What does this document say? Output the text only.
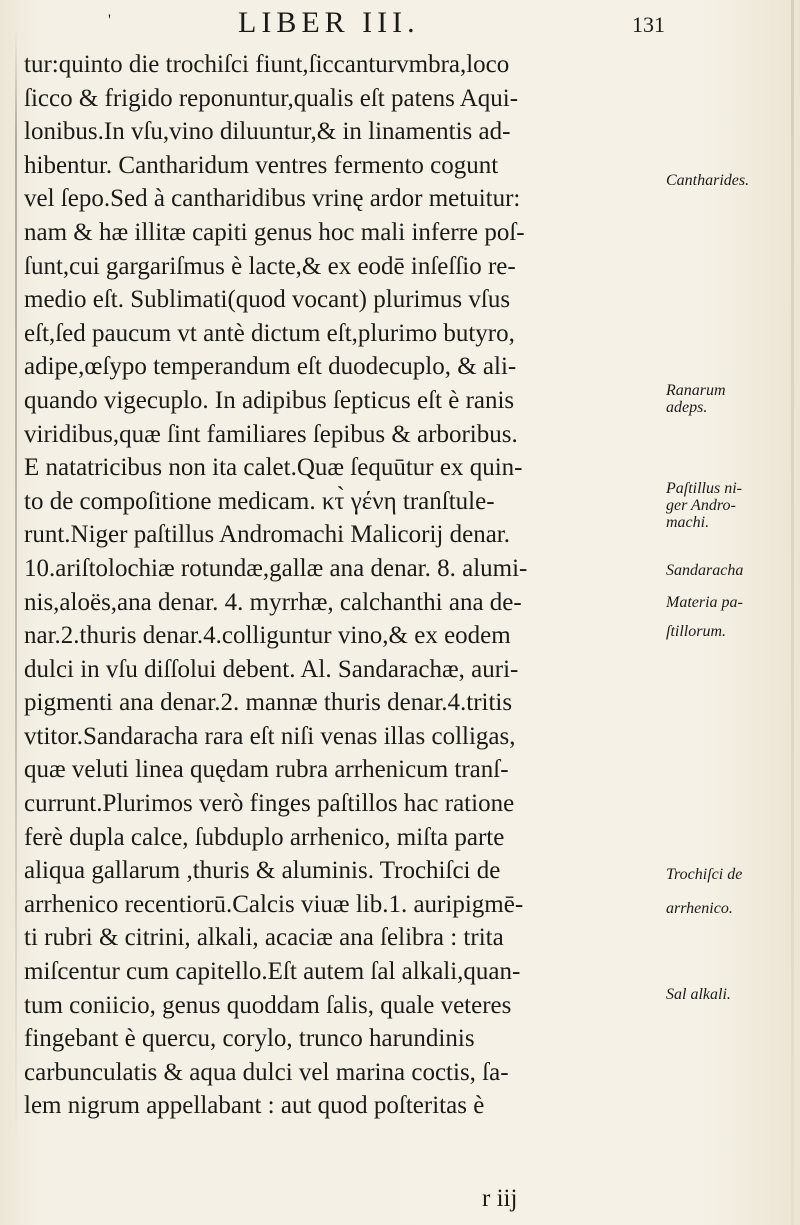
'	LIBER III.	131
tur:quinto die trochiſci fiunt,ſiccanturvmbra,loco
ſicco & frigido reponuntur,qualis eſt patens Aqui-
lonibus.In vſu,vino diluuntur,& in linamentis ad-
hibentur. Cantharidum ventres fermento cogunt
vel ſepo.Sed à cantharidibus vrinę ardor metuitur:
nam & hæ illitæ capiti genus hoc mali inferre poſ-
ſunt,cui gargariſmus è lacte,& ex eodē inſeſſio re-
medio eſt. Sublimati(quod vocant) plurimus vſus
eſt,ſed paucum vt antè dictum eſt,plurimo butyro,
adipe,œſypo temperandum eſt duodecuplo, & ali-
quando vigecuplo. In adipibus ſepticus eſt è ranis
viridibus,quæ ſint familiares ſepibus & arboribus.
E natatricibus non ita calet.Quæ ſequūtur ex quin-
to de compoſitione medicam. κτ̀ γένη tranſtule-
runt.Niger paſtillus Andromachi Malicorij denar.
10.ariſtolochiæ rotundæ,gallæ ana denar. 8. alumi-
nis,aloës,ana denar. 4. myrrhæ, calchanthi ana de-
nar.2.thuris denar.4.colliguntur vino,& ex eodem
dulci in vſu diſſolui debent. Al. Sandarachæ, auri-
pigmenti ana denar.2. mannæ thuris denar.4.tritis
vtitor.Sandaracha rara eſt niſi venas illas colligas,
quæ veluti linea quędam rubra arrhenicum tranſ-
currunt.Plurimos verò finges paſtillos hac ratione
ferè dupla calce, ſubduplo arrhenico, miſta parte
aliqua gallarum ,thuris & aluminis. Trochiſci de
arrhenico recentiorū.Calcis viuæ lib.1. auripigmē-
ti rubri & citrini, alkali, acaciæ ana ſelibra : trita
miſcentur cum capitello.Eſt autem ſal alkali,quan-
tum coniicio, genus quoddam ſalis, quale veteres
fingebant è quercu, corylo, trunco harundinis
carbunculatis & aqua dulci vel marina coctis, ſa-
lem nigrum appellabant : aut quod poſteritas è
r iij
Cantharides.
Ranarum
adeps.
Paſtillus ni-
ger Andro-
machi.
Sandaracha
Materia pa-
ſtillorum.
Trochiſci de
arrhenico.
Sal alkali.
